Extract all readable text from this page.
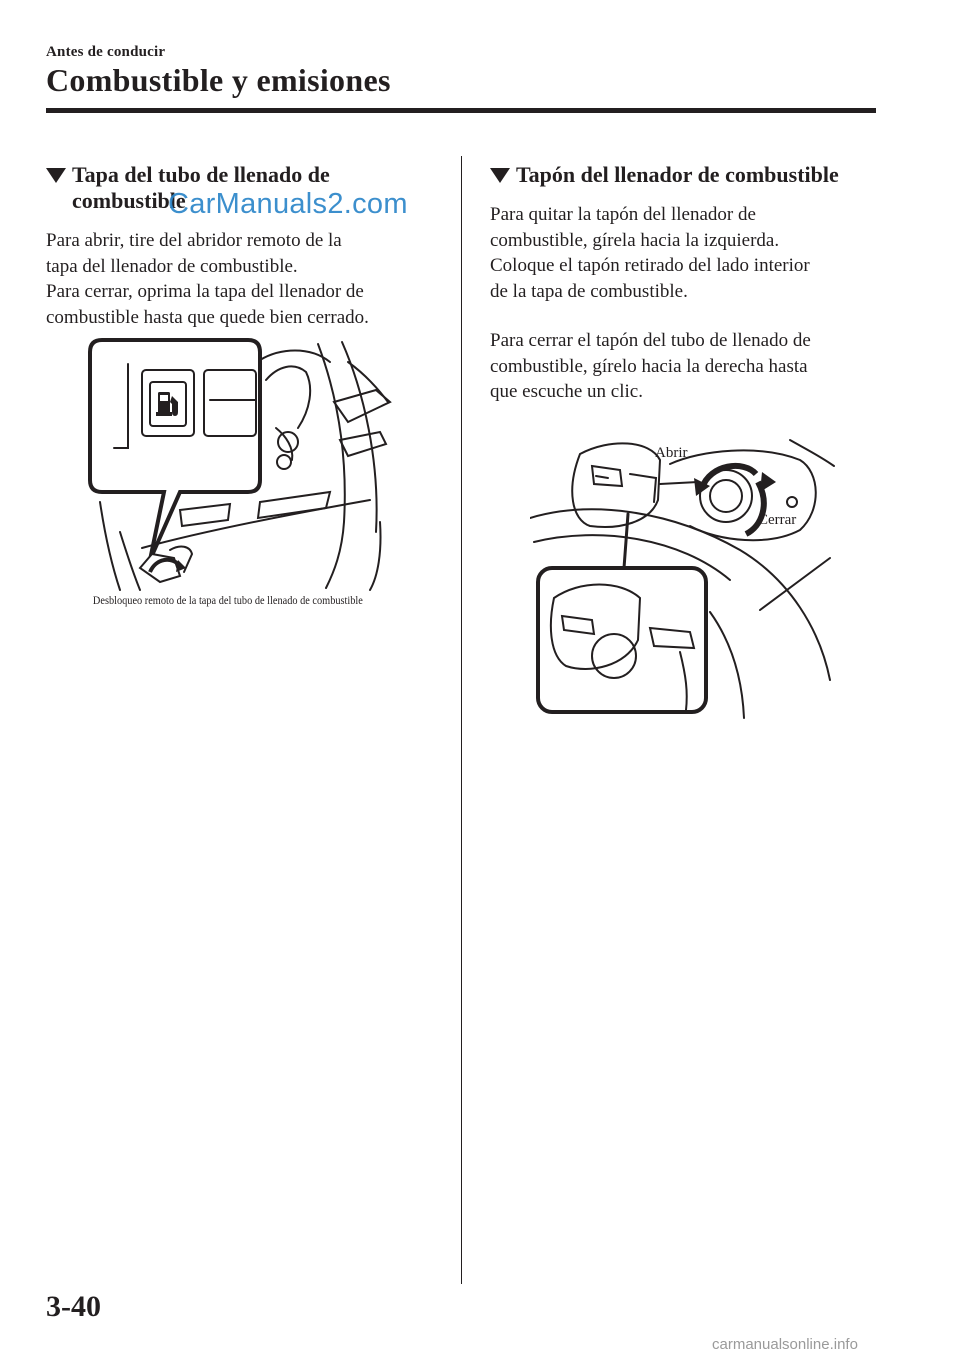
Antes de conducir
Combustible y emisiones
Tapa del tubo de llenado de
combustible
Para abrir, tire del abridor remoto de la
tapa del llenador de combustible.
Para cerrar, oprima la tapa del llenador de
combustible hasta que quede bien cerrado.
Desbloqueo remoto de la tapa del tubo de llenado de combustible
Tapón del llenador de combustible
Para quitar la tapón del llenador de
combustible, gírela hacia la izquierda.
Coloque el tapón retirado del lado interior
de la tapa de combustible.
Para cerrar el tapón del tubo de llenado de
combustible, gírelo hacia la derecha hasta
que escuche un clic.
Abrir
Cerrar
CarManuals2.com
3-40
carmanualsonline.info
